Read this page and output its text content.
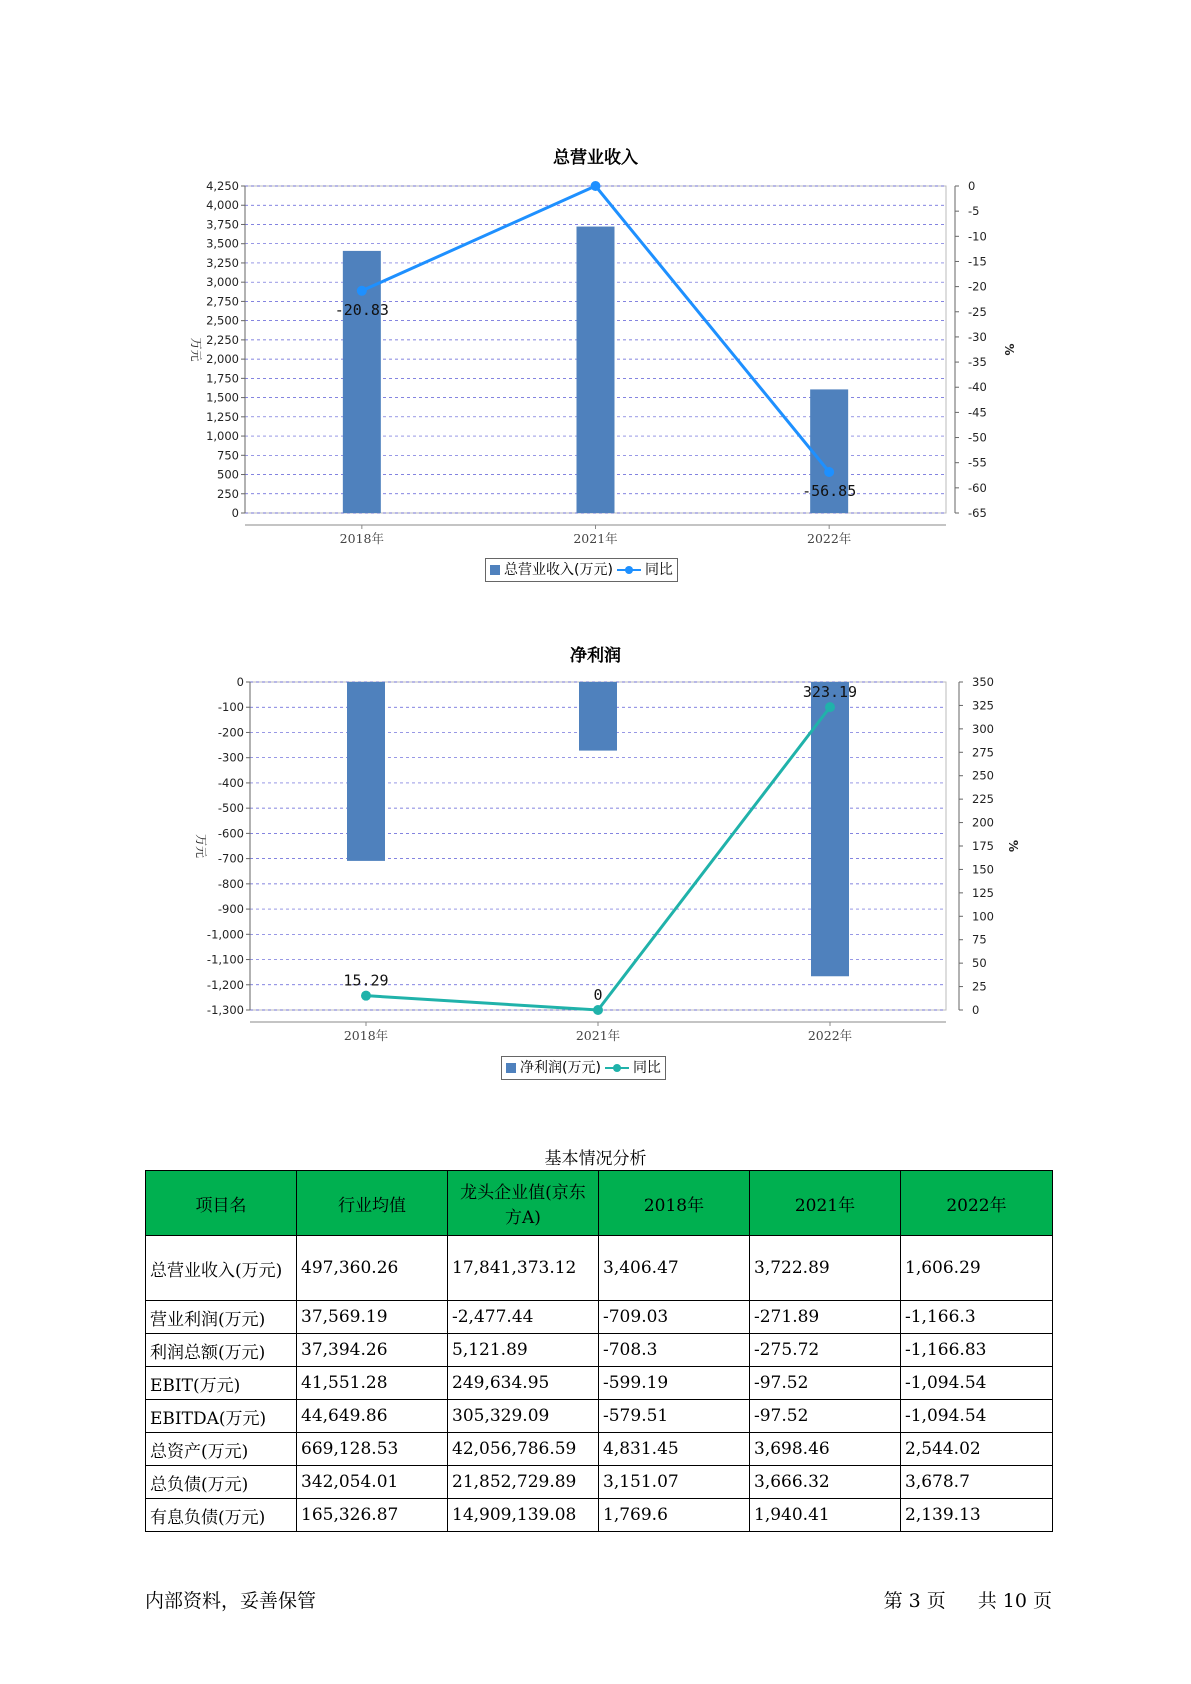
总营业收入
0
250
500
750
1,000
1,250
1,500
1,750
2,000
2,250
2,500
2,750
3,000
3,250
3,500
3,750
4,000
4,250
万元
-65
-60
-55
-50
-45
-40
-35
-30
-25
-20
-15
-10
-5
0
%
2018年	2021年	2022年
-20.83
-56.85
总营业收入(万元) 同比
净利润
-1,300
-1,200
-1,100
-1,000
-900
-800
-700
-600
-500
-400
-300
-200
-100
0
万元
0
25
50
75
100
125
150
175
200
225
250
275
300
325
350
%
2018年	2021年	2022年
15.29
0
323.19
净利润(万元) 同比
基本情况分析
项目名	行业均值	龙头企业值(京东方A)	2018年	2021年	2022年
总营业收入(万元)	497,360.26	17,841,373.12	3,406.47	3,722.89	1,606.29
营业利润(万元)	37,569.19	-2,477.44	-709.03	-271.89	-1,166.3
利润总额(万元)	37,394.26	5,121.89	-708.3	-275.72	-1,166.83
EBIT(万元)	41,551.28	249,634.95	-599.19	-97.52	-1,094.54
EBITDA(万元)	44,649.86	305,329.09	-579.51	-97.52	-1,094.54
总资产(万元)	669,128.53	42,056,786.59	4,831.45	3,698.46	2,544.02
总负债(万元)	342,054.01	21,852,729.89	3,151.07	3,666.32	3,678.7
有息负债(万元)	165,326.87	14,909,139.08	1,769.6	1,940.41	2,139.13
内部资料，妥善保管	第 3 页 共 10 页
